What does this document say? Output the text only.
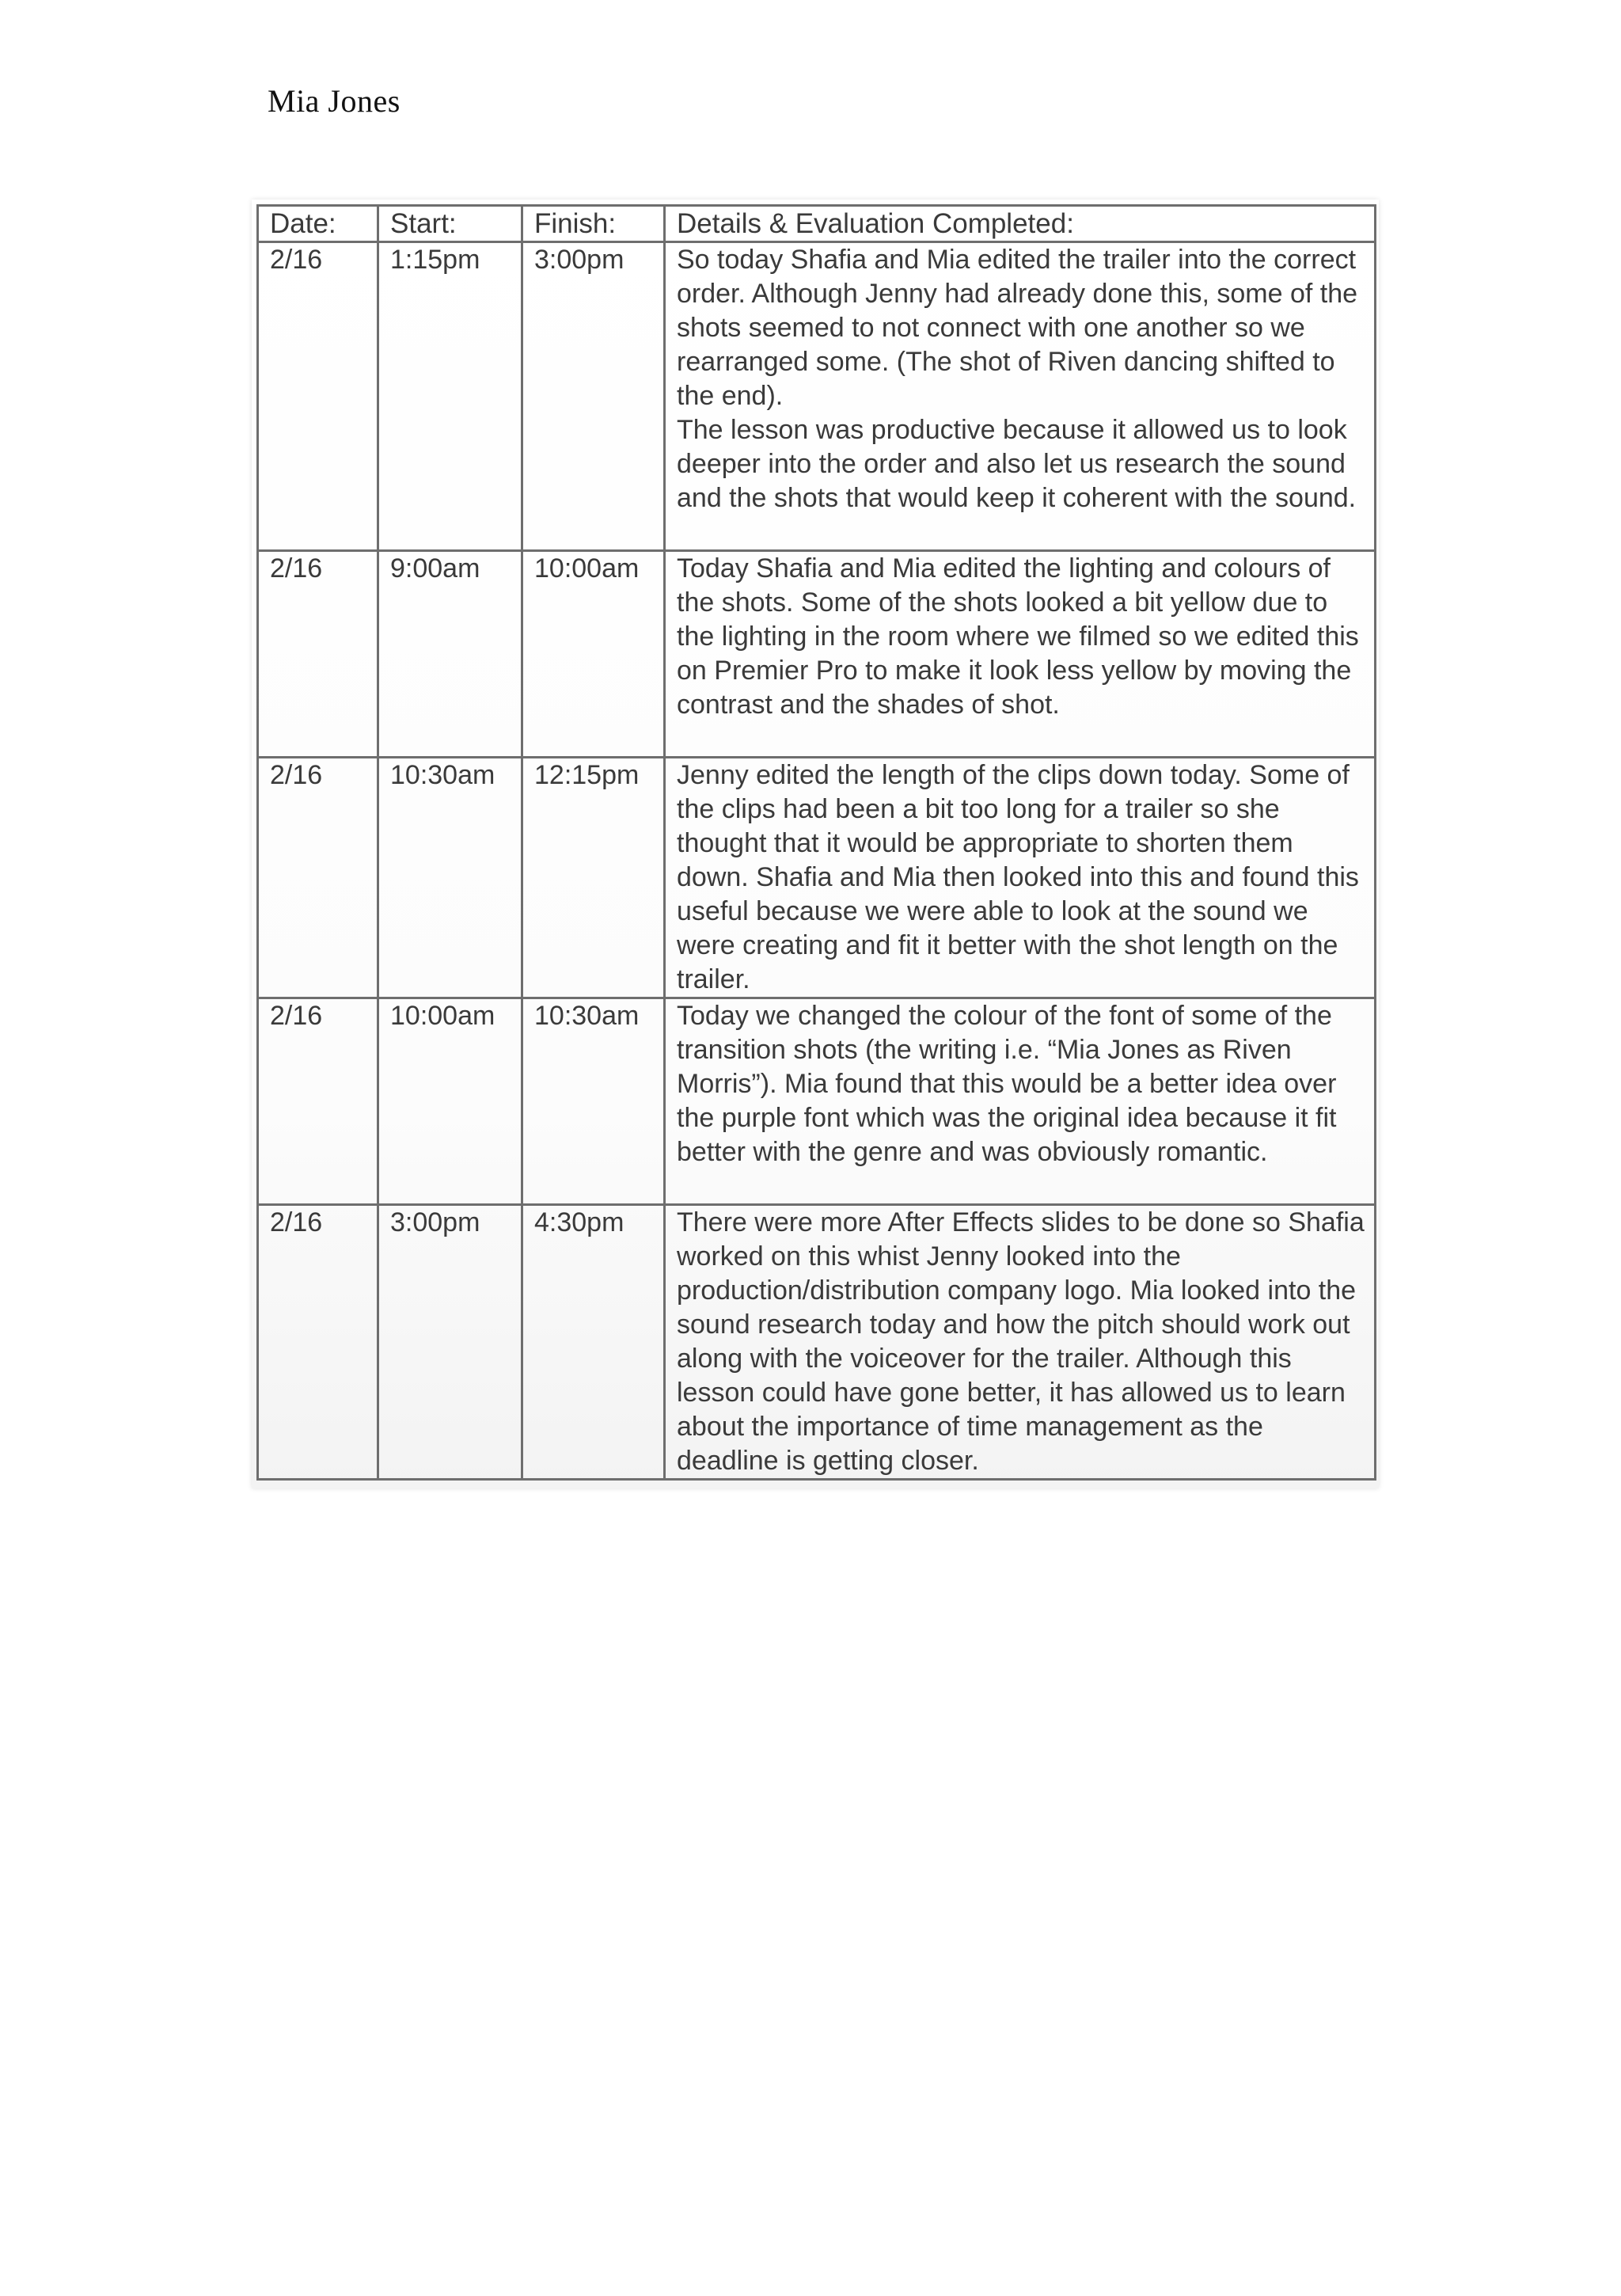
Mia Jones
Date:	Start:	Finish:	Details & Evaluation Completed:
2/16	1:15pm	3:00pm	So today Shafia and Mia edited the trailer into the correct order. Although Jenny had already done this, some of the shots seemed to not connect with one another so we rearranged some. (The shot of Riven dancing shifted to the end).
The lesson was productive because it allowed us to look deeper into the order and also let us research the sound and the shots that would keep it coherent with the sound.

2/16	9:00am	10:00am	Today Shafia and Mia edited the lighting and colours of the shots. Some of the shots looked a bit yellow due to the lighting in the room where we filmed so we edited this on Premier Pro to make it look less yellow by moving the contrast and the shades of shot.
2/16	10:30am	12:15pm	Jenny edited the length of the clips down today. Some of the clips had been a bit too long for a trailer so she thought that it would be appropriate to shorten them down. Shafia and Mia then looked into this and found this useful because we were able to look at the sound we were creating and fit it better with the shot length on the trailer.
2/16	10:00am	10:30am	Today we changed the colour of the font of some of the transition shots (the writing i.e. “Mia Jones as Riven Morris”). Mia found that this would be a better idea over the purple font which was the original idea because it fit better with the genre and was obviously romantic.
2/16	3:00pm	4:30pm	There were more After Effects slides to be done so Shafia worked on this whist Jenny looked into the production/distribution company logo. Mia looked into the sound research today and how the pitch should work out along with the voiceover for the trailer. Although this lesson could have gone better, it has allowed us to learn about the importance of time management as the deadline is getting closer.
